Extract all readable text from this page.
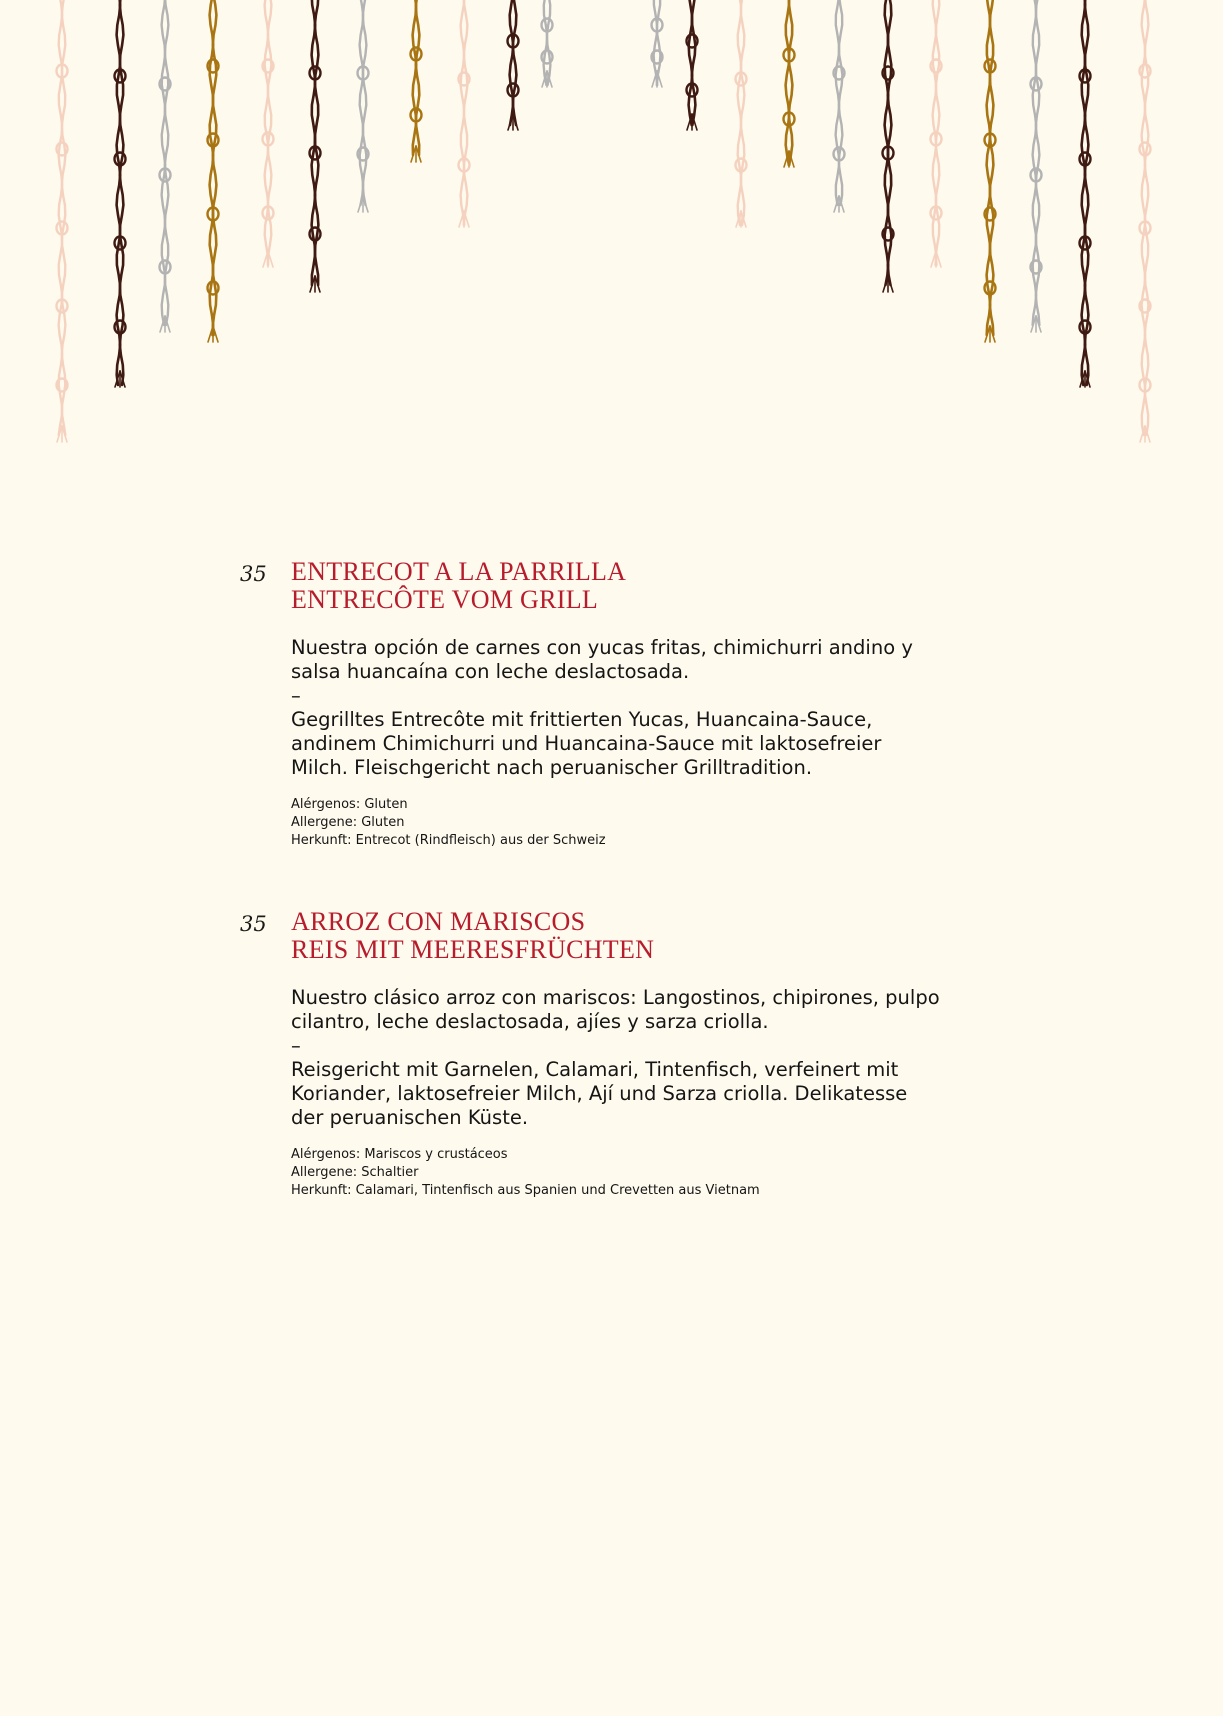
35 ENTRECOT A LA PARRILLA
ENTRECÔTE VOM GRILL

Nuestra opción de carnes con yucas fritas, chimichurri andino y salsa huancaína con leche deslactosada.

–

Gegrilltes Entrecôte mit frittierten Yucas, Huancaina-Sauce, andinem Chimichurri und Huancaina-Sauce mit laktosefreier Milch. Fleischgericht nach peruanischer Grilltradition.

Alérgenos: Gluten
Allergene: Gluten
Herkunft: Entrecot (Rindfleisch) aus der Schweiz
35 ARROZ CON MARISCOS
REIS MIT MEERESFRÜCHTEN

Nuestro clásico arroz con mariscos: Langostinos, chipirones, pulpo cilantro, leche deslactosada, ajíes y sarza criolla.

–

Reisgericht mit Garnelen, Calamari, Tintenfisch, verfeinert mit Koriander, laktosefreier Milch, Ají und Sarza criolla. Delikatesse der peruanischen Küste.

Alérgenos: Mariscos y crustáceos
Allergene: Schaltier
Herkunft: Calamari, Tintenfisch aus Spanien und Crevetten aus Vietnam
